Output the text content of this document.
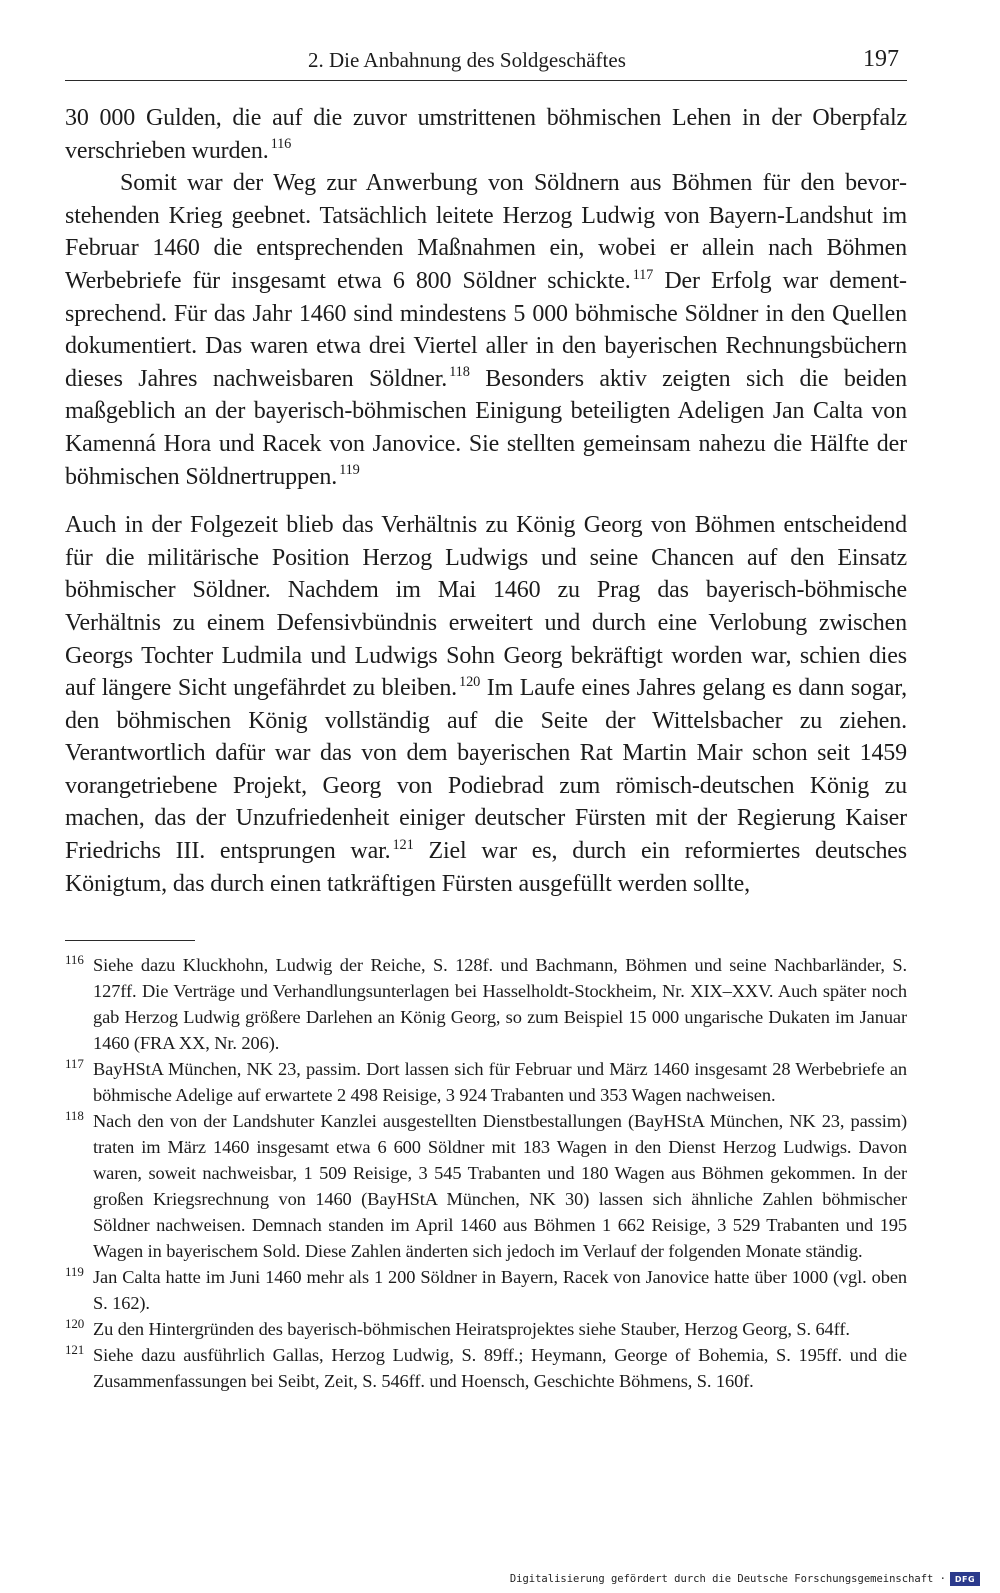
2. Die Anbahnung des Soldgeschäftes	197

30 000 Gulden, die auf die zuvor umstrittenen böhmischen Lehen in der Oberpfalz verschrieben wurden. $^{116}$

Somit war der Weg zur Anwerbung von Söldnern aus Böhmen für den bevorstehenden Krieg geebnet. Tatsächlich leitete Herzog Ludwig von Bayern-Landshut im Februar 1460 die entsprechenden Maßnahmen ein, wobei er allein nach Böhmen Werbebriefe für insgesamt etwa 6 800 Söldner schickte. $^{117}$ Der Erfolg war dementsprechend. Für das Jahr 1460 sind mindestens 5 000 böhmische Söldner in den Quellen dokumentiert. Das waren etwa drei Viertel aller in den bayerischen Rechnungsbüchern dieses Jahres nachweisbaren Söldner. $^{118}$ Besonders aktiv zeigten sich die beiden maßgeblich an der bayerisch-böhmischen Einigung beteiligten Adeligen Jan Calta von Kamenná Hora und Racek von Janovice. Sie stellten gemeinsam nahezu die Hälfte der böhmischen Söldnertruppen. $^{119}$

Auch in der Folgezeit blieb das Verhältnis zu König Georg von Böhmen entscheidend für die militärische Position Herzog Ludwigs und seine Chancen auf den Einsatz böhmischer Söldner. Nachdem im Mai 1460 zu Prag das bayerisch-böhmische Verhältnis zu einem Defensivbündnis erweitert und durch eine Verlobung zwischen Georgs Tochter Ludmila und Ludwigs Sohn Georg bekräftigt worden war, schien dies auf längere Sicht ungefährdet zu bleiben. $^{120}$ Im Laufe eines Jahres gelang es dann sogar, den böhmischen König vollständig auf die Seite der Wittelsbacher zu ziehen. Verantwortlich dafür war das von dem bayerischen Rat Martin Mair schon seit 1459 vorangetriebene Projekt, Georg von Podiebrad zum römisch-deutschen König zu machen, das der Unzufriedenheit einiger deutscher Fürsten mit der Regierung Kaiser Friedrichs III. entsprungen war. $^{121}$ Ziel war es, durch ein reformiertes deutsches Königtum, das durch einen tatkräftigen Fürsten ausgefüllt werden sollte,

116 Siehe dazu Kluckhohn, Ludwig der Reiche, S. 128f. und Bachmann, Böhmen und seine Nachbarländer, S. 127ff. Die Verträge und Verhandlungsunterlagen bei Hasselholdt-Stockheim, Nr. XIX–XXV. Auch später noch gab Herzog Ludwig größere Darlehen an König Georg, so zum Beispiel 15 000 ungarische Dukaten im Januar 1460 (FRA XX, Nr. 206).

117 BayHStA München, NK 23, passim. Dort lassen sich für Februar und März 1460 insgesamt 28 Werbebriefe an böhmische Adelige auf erwartete 2 498 Reisige, 3 924 Trabanten und 353 Wagen nachweisen.

118 Nach den von der Landshuter Kanzlei ausgestellten Dienstbestallungen (BayHStA München, NK 23, passim) traten im März 1460 insgesamt etwa 6 600 Söldner mit 183 Wagen in den Dienst Herzog Ludwigs. Davon waren, soweit nachweisbar, 1 509 Reisige, 3 545 Trabanten und 180 Wagen aus Böhmen gekommen. In der großen Kriegsrechnung von 1460 (BayHStA München, NK 30) lassen sich ähnliche Zahlen böhmischer Söldner nachweisen. Demnach standen im April 1460 aus Böhmen 1 662 Reisige, 3 529 Trabanten und 195 Wagen in bayerischem Sold. Diese Zahlen änderten sich jedoch im Verlauf der folgenden Monate ständig.

119 Jan Calta hatte im Juni 1460 mehr als 1 200 Söldner in Bayern, Racek von Janovice hatte über 1000 (vgl. oben S. 162).

120 Zu den Hintergründen des bayerisch-böhmischen Heiratsprojektes siehe Stauber, Herzog Georg, S. 64ff.

121 Siehe dazu ausführlich Gallas, Herzog Ludwig, S. 89ff.; Heymann, George of Bohemia, S. 195ff. und die Zusammenfassungen bei Seibt, Zeit, S. 546ff. und Hoensch, Geschichte Böhmens, S. 160f.

Digitalisierung gefördert durch die Deutsche Forschungsgemeinschaft ·	DFG
